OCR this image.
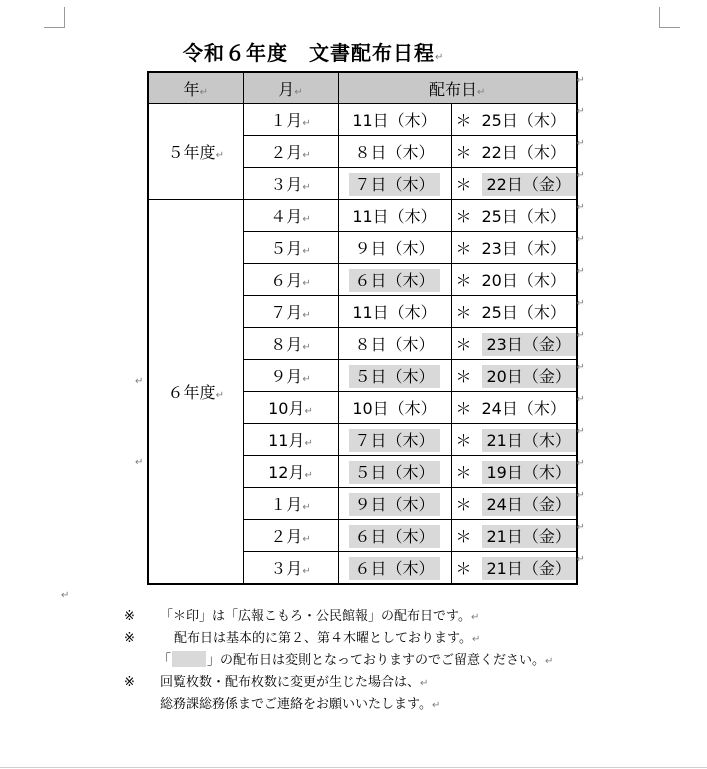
令和６年度　文書配布日程↵
年↵	月↵	配布日↵
↵	

５年度↵	１月↵	11日（木）	＊ 25日（木） ↵

	２月↵	８日（木）	＊ 22日（木） ↵

	３月↵	７日（木）	＊ 22日（金） ↵

６年度↵
↵
↵	４月↵	11日（木）	＊ 25日（木） ↵

	５月↵	９日（木）	＊ 23日（木） ↵

	６月↵	６日（木）	＊ 20日（木） ↵

	７月↵	11日（木）	＊ 25日（木） ↵

	８月↵	８日（木）	＊ 23日（金） ↵

	９月↵	５日（木）	＊ 20日（金） ↵

	10月↵	10日（木）	＊ 24日（木） ↵

	11月↵	７日（木）	＊ 21日（木） ↵

	12月↵	５日（木）	＊ 19日（木） ↵

	１月↵	９日（木）	＊ 24日（金） ↵

	２月↵	６日（木）	＊ 21日（金） ↵

	３月↵	６日（木）	＊ 21日（金） ↵
↵
※ 「＊印」は「広報こもろ・公民館報」の配布日です。↵
※	配布日は基本的に第２、第４木曜としております。↵
「	」の配布日は変則となっておりますのでご留意ください。↵
※ 回覧枚数・配布枚数に変更が生じた場合は、↵
総務課総務係までご連絡をお願いいたします。↵
